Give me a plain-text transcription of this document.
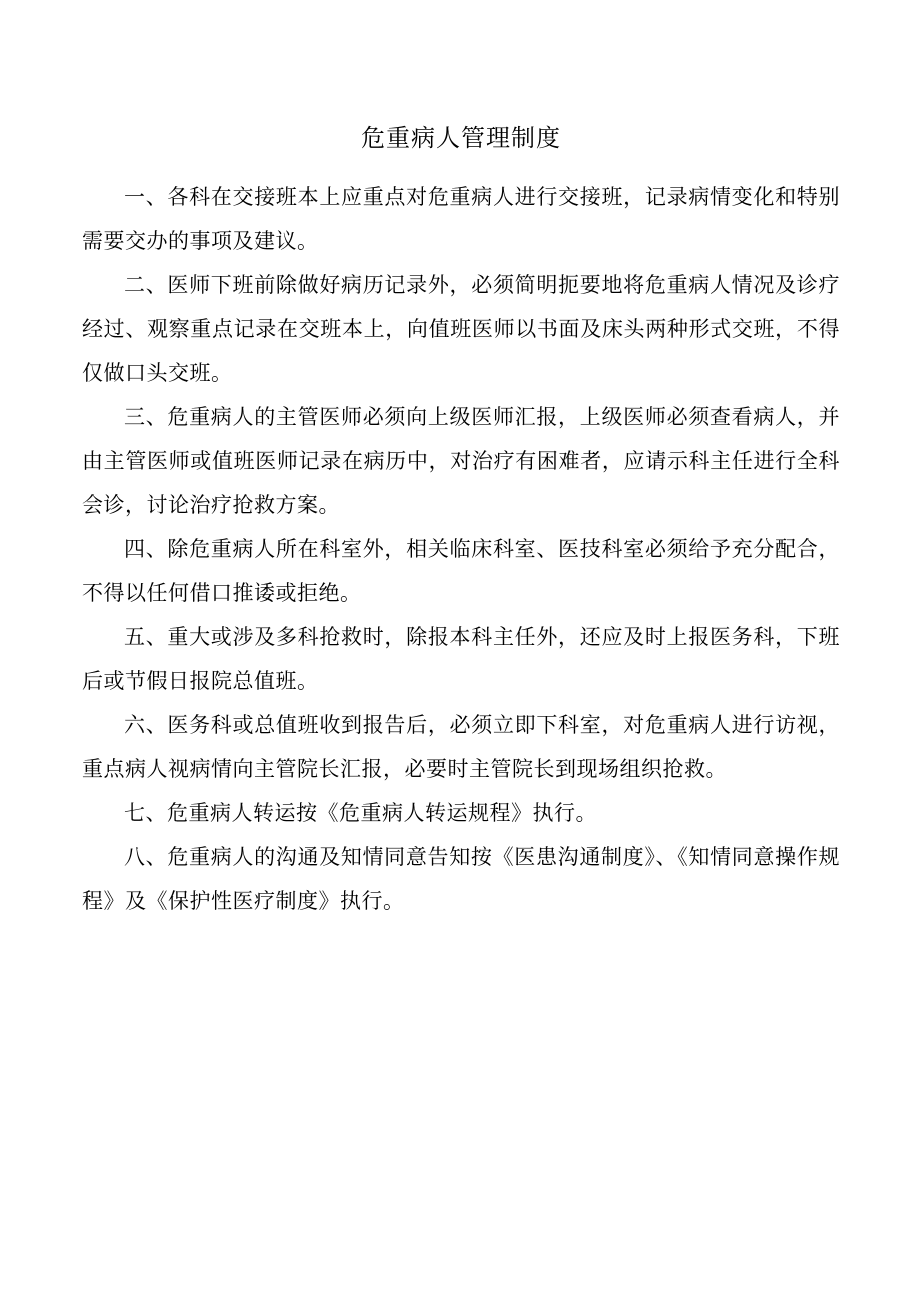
危重病人管理制度

一、各科在交接班本上应重点对危重病人进行交接班，记录病情变化和特别需要交办的事项及建议。

二、医师下班前除做好病历记录外，必须简明扼要地将危重病人情况及诊疗经过、观察重点记录在交班本上，向值班医师以书面及床头两种形式交班，不得仅做口头交班。

三、危重病人的主管医师必须向上级医师汇报，上级医师必须查看病人，并由主管医师或值班医师记录在病历中，对治疗有困难者，应请示科主任进行全科会诊，讨论治疗抢救方案。

四、除危重病人所在科室外，相关临床科室、医技科室必须给予充分配合，不得以任何借口推诿或拒绝。

五、重大或涉及多科抢救时，除报本科主任外，还应及时上报医务科，下班后或节假日报院总值班。

六、医务科或总值班收到报告后，必须立即下科室，对危重病人进行访视，重点病人视病情向主管院长汇报，必要时主管院长到现场组织抢救。

七、危重病人转运按《危重病人转运规程》执行。

八、危重病人的沟通及知情同意告知按《医患沟通制度》、《知情同意操作规程》及《保护性医疗制度》执行。
